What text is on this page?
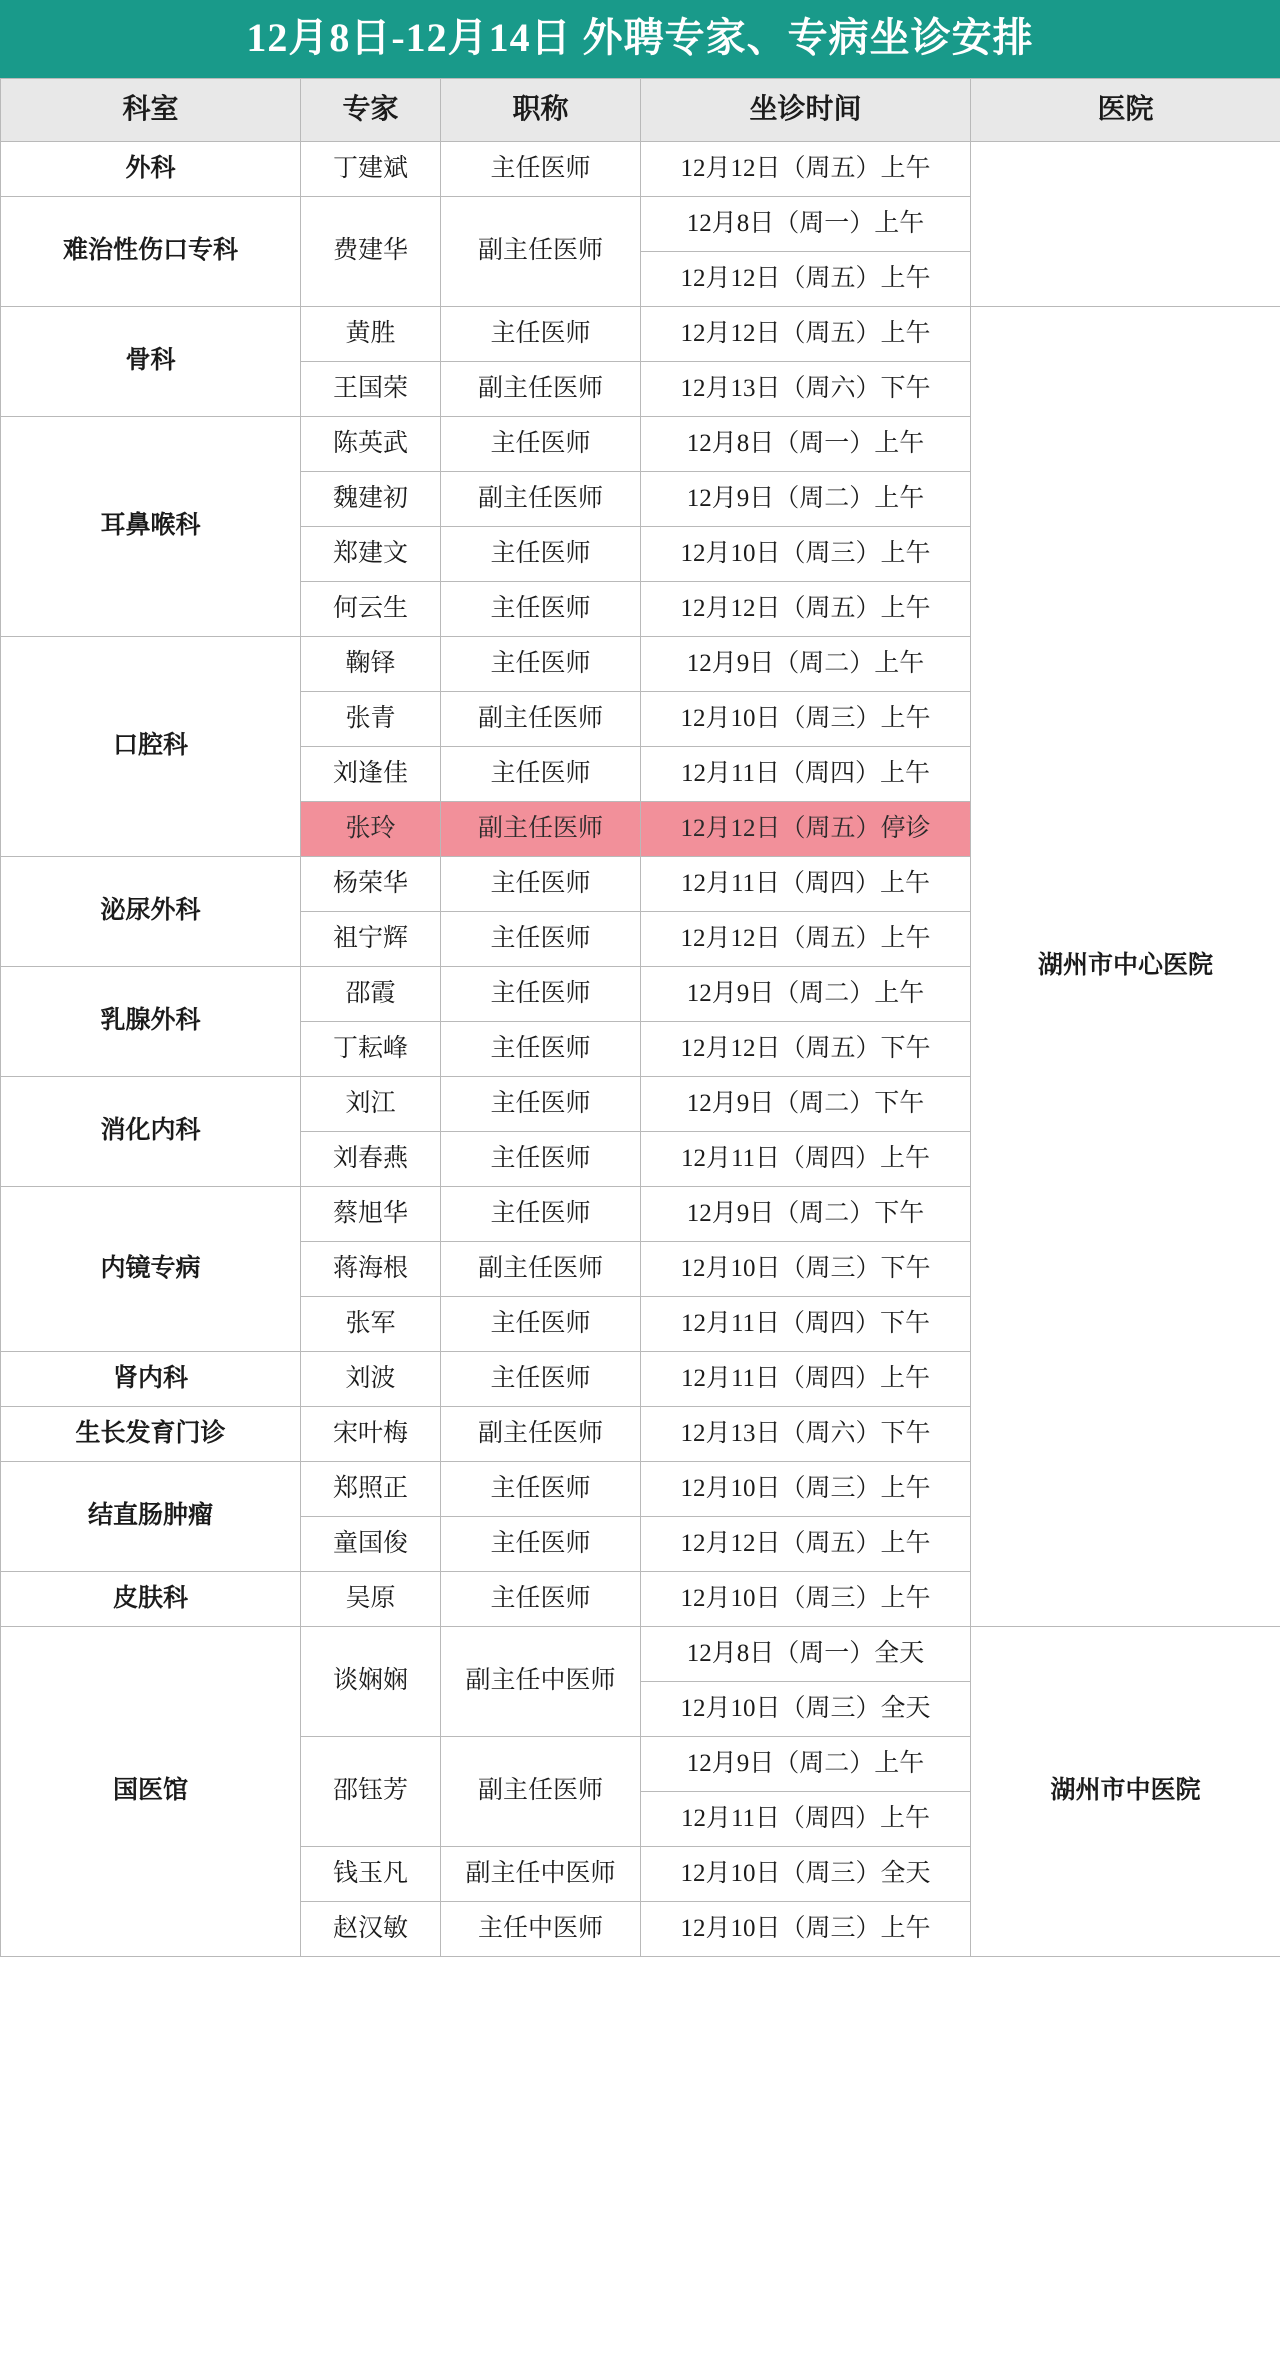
12月8日-12月14日 外聘专家、专病坐诊安排
科室	专家	职称	坐诊时间	医院
外科	丁建斌	主任医师	12月12日（周五）上午	
难治性伤口专科	费建华	副主任医师	12月8日（周一）上午	
			12月12日（周五）上午	
骨科	黄胜	主任医师	12月12日（周五）上午	湖州市中心医院
	王国荣	副主任医师	12月13日（周六）下午	
耳鼻喉科	陈英武	主任医师	12月8日（周一）上午	
	魏建初	副主任医师	12月9日（周二）上午	
	郑建文	主任医师	12月10日（周三）上午	
	何云生	主任医师	12月12日（周五）上午	
口腔科	鞠铎	主任医师	12月9日（周二）上午	
	张青	副主任医师	12月10日（周三）上午	
	刘逢佳	主任医师	12月11日（周四）上午	
	张玲	副主任医师	12月12日（周五）停诊	
泌尿外科	杨荣华	主任医师	12月11日（周四）上午	
	祖宁辉	主任医师	12月12日（周五）上午	
乳腺外科	邵霞	主任医师	12月9日（周二）上午	
	丁耘峰	主任医师	12月12日（周五）下午	
消化内科	刘江	主任医师	12月9日（周二）下午	
	刘春燕	主任医师	12月11日（周四）上午	
内镜专病	蔡旭华	主任医师	12月9日（周二）下午	
	蒋海根	副主任医师	12月10日（周三）下午	
	张军	主任医师	12月11日（周四）下午	
肾内科	刘波	主任医师	12月11日（周四）上午	
生长发育门诊	宋叶梅	副主任医师	12月13日（周六）下午	
结直肠肿瘤	郑照正	主任医师	12月10日（周三）上午	
	童国俊	主任医师	12月12日（周五）上午	
皮肤科	吴原	主任医师	12月10日（周三）上午	
国医馆	谈娴娴	副主任中医师	12月8日（周一）全天	湖州市中医院
			12月10日（周三）全天	
	邵钰芳	副主任医师	12月9日（周二）上午	
			12月11日（周四）上午	
	钱玉凡	副主任中医师	12月10日（周三）全天	
	赵汉敏	主任中医师	12月10日（周三）上午	
